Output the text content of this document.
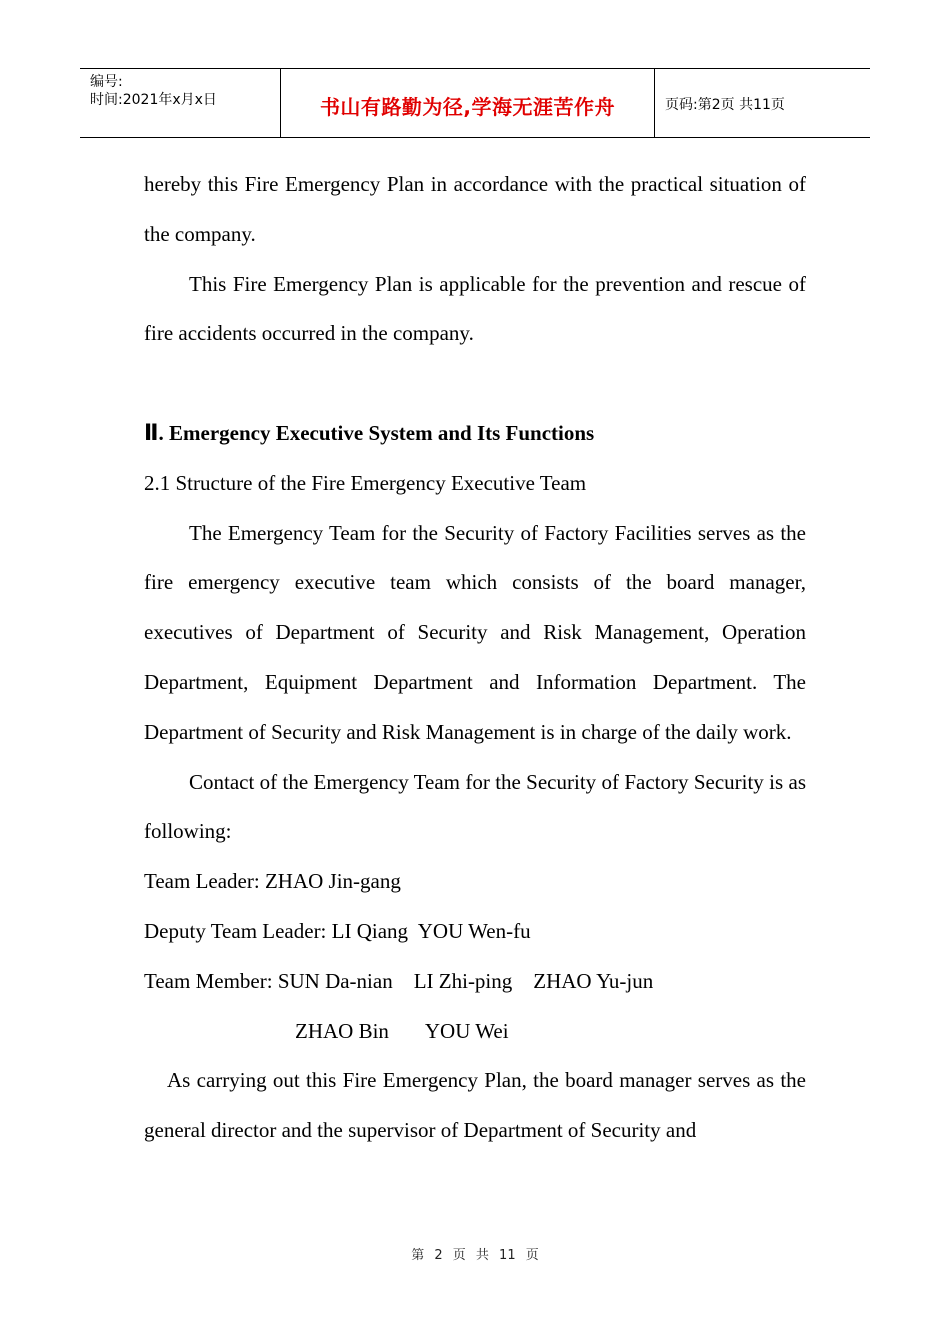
编号:
时间:2021年x月x日	书山有路勤为径,学海无涯苦作舟	页码:第2页 共11页

hereby this Fire Emergency Plan in accordance with the practical situation of the company.

This Fire Emergency Plan is applicable for the prevention and rescue of fire accidents occurred in the company.

Ⅱ. Emergency Executive System and Its Functions

2.1 Structure of the Fire Emergency Executive Team

The Emergency Team for the Security of Factory Facilities serves as the fire emergency executive team which consists of the board manager, executives of Department of Security and Risk Management, Operation Department, Equipment Department and Information Department. The Department of Security and Risk Management is in charge of the daily work.

Contact of the Emergency Team for the Security of Factory Security is as following:

Team Leader: ZHAO Jin-gang

Deputy Team Leader: LI Qiang  YOU Wen-fu

Team Member: SUN Da-nian    LI Zhi-ping    ZHAO Yu-jun

ZHAO Bin       YOU Wei

As carrying out this Fire Emergency Plan, the board manager serves as the general director and the supervisor of Department of Security and

第 2 页 共 11 页
